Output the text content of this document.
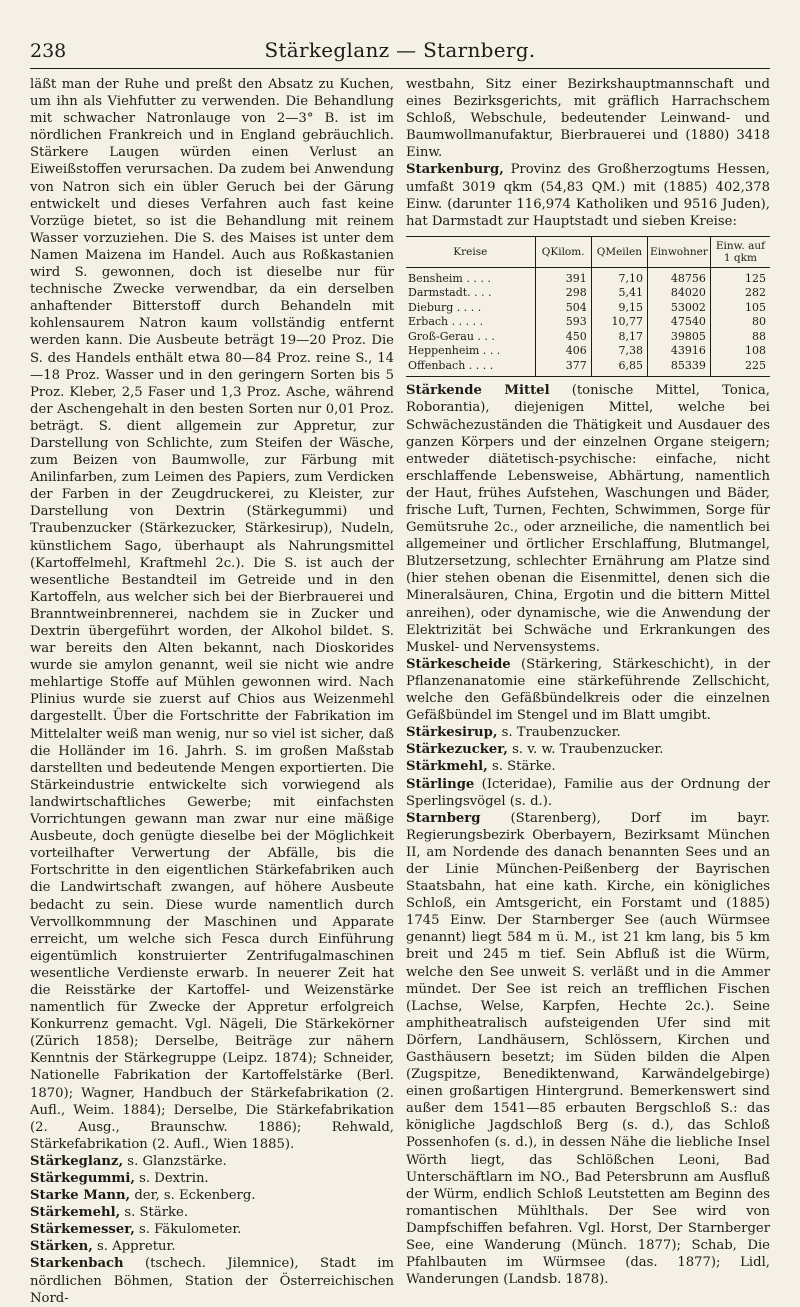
238	Stärkeglanz — Starnberg.

läßt man der Ruhe und preßt den Absatz zu Kuchen, um ihn als Viehfutter zu verwenden. Die Behandlung mit schwacher Natronlauge von 2—3° B. ist im nördlichen Frankreich und in England gebräuchlich. Stärkere Laugen würden einen Verlust an Eiweißstoffen verursachen. Da zudem bei Anwendung von Natron sich ein übler Geruch bei der Gärung entwickelt und dieses Verfahren auch fast keine Vorzüge bietet, so ist die Behandlung mit reinem Wasser vorzuziehen. Die S. des Maises ist unter dem Namen Maizena im Handel. Auch aus Roßkastanien wird S. gewonnen, doch ist dieselbe nur für technische Zwecke verwendbar, da ein derselben anhaftender Bitterstoff durch Behandeln mit kohlensaurem Natron kaum vollständig entfernt werden kann. Die Ausbeute beträgt 19—20 Proz. Die S. des Handels enthält etwa 80—84 Proz. reine S., 14—18 Proz. Wasser und in den geringern Sorten bis 5 Proz. Kleber, 2,5 Faser und 1,3 Proz. Asche, während der Aschengehalt in den besten Sorten nur 0,01 Proz. beträgt. S. dient allgemein zur Appretur, zur Darstellung von Schlichte, zum Steifen der Wäsche, zum Beizen von Baumwolle, zur Färbung mit Anilinfarben, zum Leimen des Papiers, zum Verdicken der Farben in der Zeugdruckerei, zu Kleister, zur Darstellung von Dextrin (Stärkegummi) und Traubenzucker (Stärkezucker, Stärkesirup), Nudeln, künstlichem Sago, überhaupt als Nahrungsmittel (Kartoffelmehl, Kraftmehl 2c.). Die S. ist auch der wesentliche Bestandteil im Getreide und in den Kartoffeln, aus welcher sich bei der Bierbrauerei und Branntweinbrennerei, nachdem sie in Zucker und Dextrin übergeführt worden, der Alkohol bildet. S. war bereits den Alten bekannt, nach Dioskorides wurde sie amylon genannt, weil sie nicht wie andre mehlartige Stoffe auf Mühlen gewonnen wird. Nach Plinius wurde sie zuerst auf Chios aus Weizenmehl dargestellt. Über die Fortschritte der Fabrikation im Mittelalter weiß man wenig, nur so viel ist sicher, daß die Holländer im 16. Jahrh. S. im großen Maßstab darstellten und bedeutende Mengen exportierten. Die Stärkeindustrie entwickelte sich vorwiegend als landwirtschaftliches Gewerbe; mit einfachsten Vorrichtungen gewann man zwar nur eine mäßige Ausbeute, doch genügte dieselbe bei der Möglichkeit vorteilhafter Verwertung der Abfälle, bis die Fortschritte in den eigentlichen Stärkefabriken auch die Landwirtschaft zwangen, auf höhere Ausbeute bedacht zu sein. Diese wurde namentlich durch Vervollkommnung der Maschinen und Apparate erreicht, um welche sich Fesca durch Einführung eigentümlich konstruierter Zentrifugalmaschinen wesentliche Verdienste erwarb. In neuerer Zeit hat die Reisstärke der Kartoffel- und Weizenstärke namentlich für Zwecke der Appretur erfolgreich Konkurrenz gemacht. Vgl. Nägeli, Die Stärkekörner (Zürich 1858); Derselbe, Beiträge zur nähern Kenntnis der Stärkegruppe (Leipz. 1874); Schneider, Nationelle Fabrikation der Kartoffelstärke (Berl. 1870); Wagner, Handbuch der Stärkefabrikation (2. Aufl., Weim. 1884); Derselbe, Die Stärkefabrikation (2. Ausg., Braunschw. 1886); Rehwald, Stärkefabrikation (2. Aufl., Wien 1885).

Stärkeglanz, s. Glanzstärke.

Stärkegummi, s. Dextrin.

Starke Mann, der, s. Eckenberg.

Stärkemehl, s. Stärke.

Stärkemesser, s. Fäkulometer.

Stärken, s. Appretur.

Starkenbach (tschech. Jilemnice), Stadt im nördlichen Böhmen, Station der Österreichischen Nord-

westbahn, Sitz einer Bezirkshauptmannschaft und eines Bezirksgerichts, mit gräflich Harrachschem Schloß, Webschule, bedeutender Leinwand- und Baumwollmanufaktur, Bierbrauerei und (1880) 3418 Einw.

Starkenburg, Provinz des Großherzogtums Hessen, umfaßt 3019 qkm (54,83 QM.) mit (1885) 402,378 Einw. (darunter 116,974 Katholiken und 9516 Juden), hat Darmstadt zur Hauptstadt und sieben Kreise:

Kreise	QKilom.	QMeilen	Einwohner	Einw. auf 1 qkm
Bensheim . . . .	391	7,10	48756	125
Darmstadt. . . .	298	5,41	84020	282
Dieburg . . . .	504	9,15	53002	105
Erbach . . . . .	593	10,77	47540	80
Groß-Gerau . . .	450	8,17	39805	88
Heppenheim . . .	406	7,38	43916	108
Offenbach . . . .	377	6,85	85339	225

Stärkende Mittel (tonische Mittel, Tonica, Roborantia), diejenigen Mittel, welche bei Schwächezuständen die Thätigkeit und Ausdauer des ganzen Körpers und der einzelnen Organe steigern; entweder diätetisch-psychische: einfache, nicht erschlaffende Lebensweise, Abhärtung, namentlich der Haut, frühes Aufstehen, Waschungen und Bäder, frische Luft, Turnen, Fechten, Schwimmen, Sorge für Gemütsruhe 2c., oder arzneiliche, die namentlich bei allgemeiner und örtlicher Erschlaffung, Blutmangel, Blutzersetzung, schlechter Ernährung am Platze sind (hier stehen obenan die Eisenmittel, denen sich die Mineralsäuren, China, Ergotin und die bittern Mittel anreihen), oder dynamische, wie die Anwendung der Elektrizität bei Schwäche und Erkrankungen des Muskel- und Nervensystems.

Stärkescheide (Stärkering, Stärkeschicht), in der Pflanzenanatomie eine stärkeführende Zellschicht, welche den Gefäßbündelkreis oder die einzelnen Gefäßbündel im Stengel und im Blatt umgibt.

Stärkesirup, s. Traubenzucker.

Stärkezucker, s. v. w. Traubenzucker.

Stärkmehl, s. Stärke.

Stärlinge (Icteridae), Familie aus der Ordnung der Sperlingsvögel (s. d.).

Starnberg (Starenberg), Dorf im bayr. Regierungsbezirk Oberbayern, Bezirksamt München II, am Nordende des danach benannten Sees und an der Linie München-Peißenberg der Bayrischen Staatsbahn, hat eine kath. Kirche, ein königliches Schloß, ein Amtsgericht, ein Forstamt und (1885) 1745 Einw. Der Starnberger See (auch Würmsee genannt) liegt 584 m ü. M., ist 21 km lang, bis 5 km breit und 245 m tief. Sein Abfluß ist die Würm, welche den See unweit S. verläßt und in die Ammer mündet. Der See ist reich an trefflichen Fischen (Lachse, Welse, Karpfen, Hechte 2c.). Seine amphitheatralisch aufsteigenden Ufer sind mit Dörfern, Landhäusern, Schlössern, Kirchen und Gasthäusern besetzt; im Süden bilden die Alpen (Zugspitze, Benediktenwand, Karwändelgebirge) einen großartigen Hintergrund. Bemerkenswert sind außer dem 1541—85 erbauten Bergschloß S.: das königliche Jagdschloß Berg (s. d.), das Schloß Possenhofen (s. d.), in dessen Nähe die liebliche Insel Wörth liegt, das Schlößchen Leoni, Bad Unterschäftlarn im NO., Bad Petersbrunn am Ausfluß der Würm, endlich Schloß Leutstetten am Beginn des romantischen Mühlthals. Der See wird von Dampfschiffen befahren. Vgl. Horst, Der Starnberger See, eine Wanderung (Münch. 1877); Schab, Die Pfahlbauten im Würmsee (das. 1877); Lidl, Wanderungen (Landsb. 1878).
